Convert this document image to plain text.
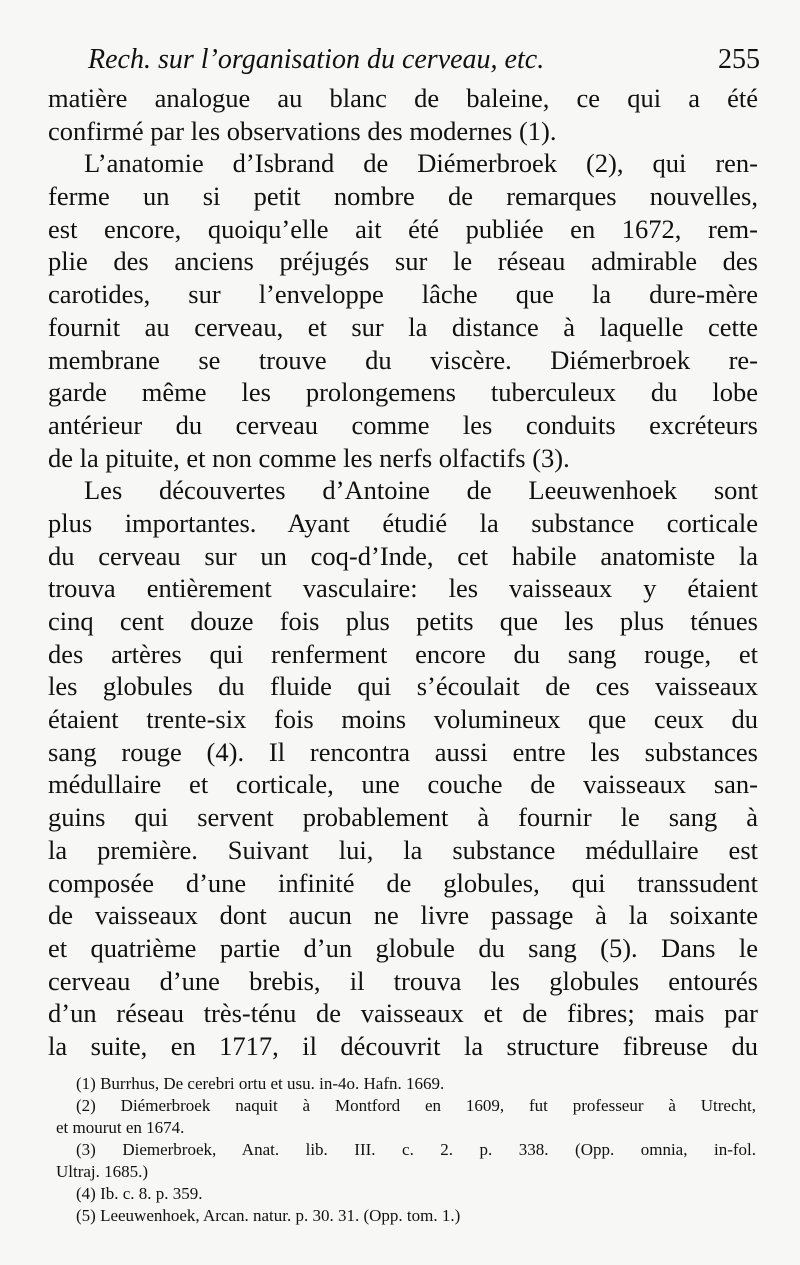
Rech. sur l’organisation du cerveau, etc.	255
matière analogue au blanc de baleine, ce qui a été
confirmé par les observations des modernes (1).
L’anatomie d’Isbrand de Diémerbroek (2), qui ren-
ferme un si petit nombre de remarques nouvelles,
est encore, quoiqu’elle ait été publiée en 1672, rem-
plie des anciens préjugés sur le réseau admirable des
carotides, sur l’enveloppe lâche que la dure-mère
fournit au cerveau, et sur la distance à laquelle cette
membrane se trouve du viscère. Diémerbroek re-
garde même les prolongemens tuberculeux du lobe
antérieur du cerveau comme les conduits excréteurs
de la pituite, et non comme les nerfs olfactifs (3).
Les découvertes d’Antoine de Leeuwenhoek sont
plus importantes. Ayant étudié la substance corticale
du cerveau sur un coq-d’Inde, cet habile anatomiste la
trouva entièrement vasculaire: les vaisseaux y étaient
cinq cent douze fois plus petits que les plus ténues
des artères qui renferment encore du sang rouge, et
les globules du fluide qui s’écoulait de ces vaisseaux
étaient trente-six fois moins volumineux que ceux du
sang rouge (4). Il rencontra aussi entre les substances
médullaire et corticale, une couche de vaisseaux san-
guins qui servent probablement à fournir le sang à
la première. Suivant lui, la substance médullaire est
composée d’une infinité de globules, qui transsudent
de vaisseaux dont aucun ne livre passage à la soixante
et quatrième partie d’un globule du sang (5). Dans le
cerveau d’une brebis, il trouva les globules entourés
d’un réseau très-ténu de vaisseaux et de fibres; mais par
la suite, en 1717, il découvrit la structure fibreuse du
(1) Burrhus, De cerebri ortu et usu. in-4o. Hafn. 1669.
(2) Diémerbroek naquit à Montford en 1609, fut professeur à Utrecht,
et mourut en 1674.
(3) Diemerbroek, Anat. lib. III. c. 2. p. 338. (Opp. omnia, in-fol.
Ultraj. 1685.)
(4) Ib. c. 8. p. 359.
(5) Leeuwenhoek, Arcan. natur. p. 30. 31. (Opp. tom. 1.)
